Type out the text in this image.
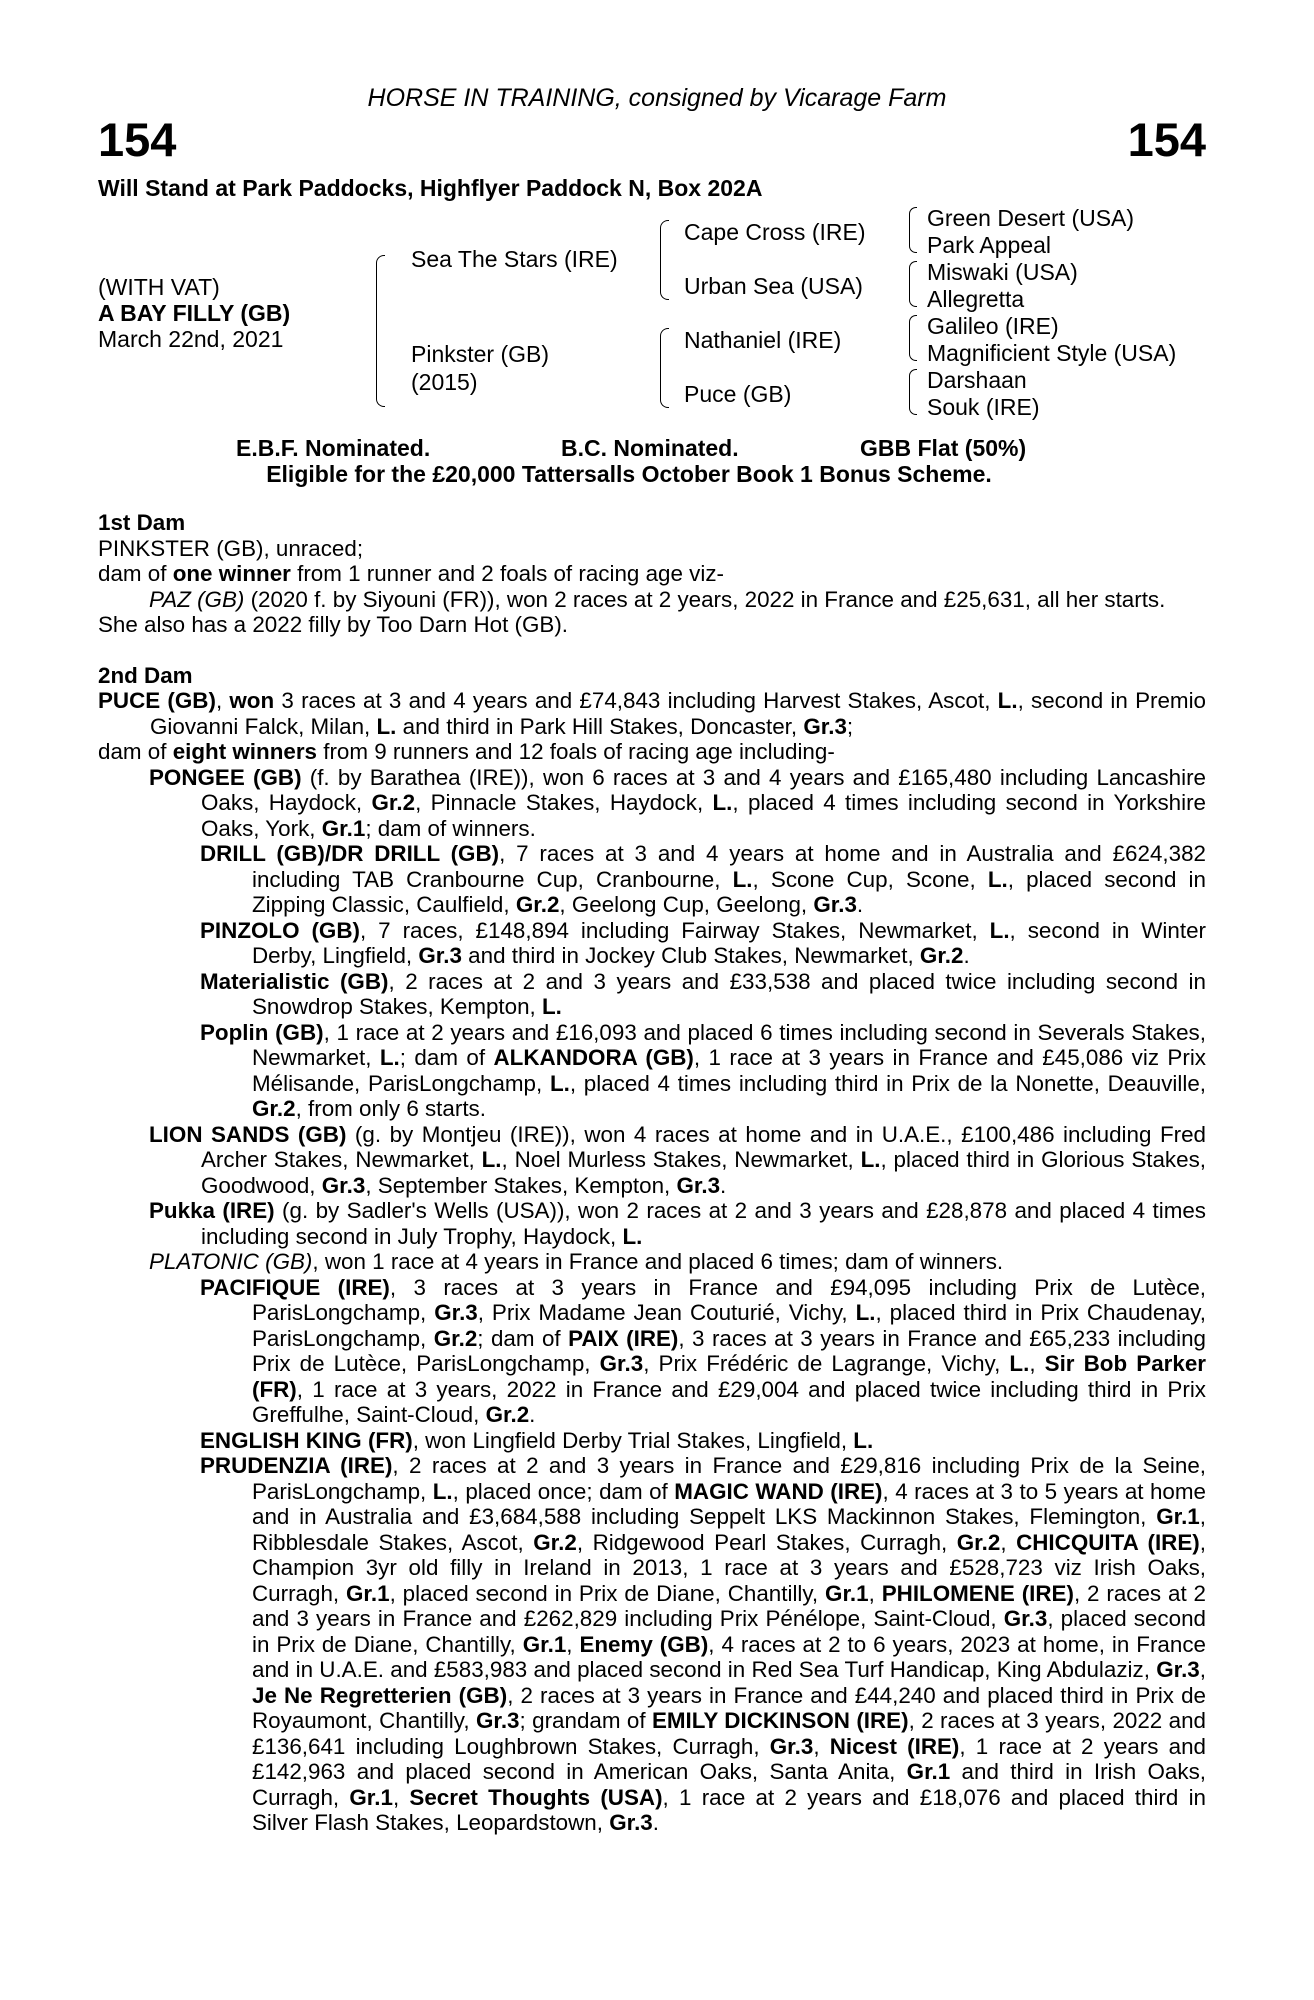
HORSE IN TRAINING, consigned by Vicarage Farm
154	154
Will Stand at Park Paddocks, Highflyer Paddock N, Box 202A
(WITH VAT)
A BAY FILLY (GB)
March 22nd, 2021
Sea The Stars (IRE)
Pinkster (GB)
(2015)
Cape Cross (IRE)
Urban Sea (USA)
Nathaniel (IRE)
Puce (GB)
Green Desert (USA)
Park Appeal
Miswaki (USA)
Allegretta
Galileo (IRE)
Magnificient Style (USA)
Darshaan
Souk (IRE)
E.B.F. Nominated.	B.C. Nominated.	GBB Flat (50%)
Eligible for the £20,000 Tattersalls October Book 1 Bonus Scheme.

1st Dam

PINKSTER (GB), unraced;

dam of one winner from 1 runner and 2 foals of racing age viz-

PAZ (GB) (2020 f. by Siyouni (FR)), won 2 races at 2 years, 2022 in France and £25,631, all her starts.

She also has a 2022 filly by Too Darn Hot (GB).

2nd Dam

PUCE (GB), won 3 races at 3 and 4 years and £74,843 including Harvest Stakes, Ascot, L., second in Premio Giovanni Falck, Milan, L. and third in Park Hill Stakes, Doncaster, Gr.3;

dam of eight winners from 9 runners and 12 foals of racing age including-

PONGEE (GB) (f. by Barathea (IRE)), won 6 races at 3 and 4 years and £165,480 including Lancashire Oaks, Haydock, Gr.2, Pinnacle Stakes, Haydock, L., placed 4 times including second in Yorkshire Oaks, York, Gr.1; dam of winners.

DRILL (GB)/DR DRILL (GB), 7 races at 3 and 4 years at home and in Australia and £624,382 including TAB Cranbourne Cup, Cranbourne, L., Scone Cup, Scone, L., placed second in Zipping Classic, Caulfield, Gr.2, Geelong Cup, Geelong, Gr.3.

PINZOLO (GB), 7 races, £148,894 including Fairway Stakes, Newmarket, L., second in Winter Derby, Lingfield, Gr.3 and third in Jockey Club Stakes, Newmarket, Gr.2.

Materialistic (GB), 2 races at 2 and 3 years and £33,538 and placed twice including second in Snowdrop Stakes, Kempton, L.

Poplin (GB), 1 race at 2 years and £16,093 and placed 6 times including second in Severals Stakes, Newmarket, L.; dam of ALKANDORA (GB), 1 race at 3 years in France and £45,086 viz Prix Mélisande, ParisLongchamp, L., placed 4 times including third in Prix de la Nonette, Deauville, Gr.2, from only 6 starts.

LION SANDS (GB) (g. by Montjeu (IRE)), won 4 races at home and in U.A.E., £100,486 including Fred Archer Stakes, Newmarket, L., Noel Murless Stakes, Newmarket, L., placed third in Glorious Stakes, Goodwood, Gr.3, September Stakes, Kempton, Gr.3.

Pukka (IRE) (g. by Sadler's Wells (USA)), won 2 races at 2 and 3 years and £28,878 and placed 4 times including second in July Trophy, Haydock, L.

PLATONIC (GB), won 1 race at 4 years in France and placed 6 times; dam of winners.

PACIFIQUE (IRE), 3 races at 3 years in France and £94,095 including Prix de Lutèce, ParisLongchamp, Gr.3, Prix Madame Jean Couturié, Vichy, L., placed third in Prix Chaudenay, ParisLongchamp, Gr.2; dam of PAIX (IRE), 3 races at 3 years in France and £65,233 including Prix de Lutèce, ParisLongchamp, Gr.3, Prix Frédéric de Lagrange, Vichy, L., Sir Bob Parker (FR), 1 race at 3 years, 2022 in France and £29,004 and placed twice including third in Prix Greffulhe, Saint-Cloud, Gr.2.

ENGLISH KING (FR), won Lingfield Derby Trial Stakes, Lingfield, L.

PRUDENZIA (IRE), 2 races at 2 and 3 years in France and £29,816 including Prix de la Seine, ParisLongchamp, L., placed once; dam of MAGIC WAND (IRE), 4 races at 3 to 5 years at home and in Australia and £3,684,588 including Seppelt LKS Mackinnon Stakes, Flemington, Gr.1, Ribblesdale Stakes, Ascot, Gr.2, Ridgewood Pearl Stakes, Curragh, Gr.2, CHICQUITA (IRE), Champion 3yr old filly in Ireland in 2013, 1 race at 3 years and £528,723 viz Irish Oaks, Curragh, Gr.1, placed second in Prix de Diane, Chantilly, Gr.1, PHILOMENE (IRE), 2 races at 2 and 3 years in France and £262,829 including Prix Pénélope, Saint-Cloud, Gr.3, placed second in Prix de Diane, Chantilly, Gr.1, Enemy (GB), 4 races at 2 to 6 years, 2023 at home, in France and in U.A.E. and £583,983 and placed second in Red Sea Turf Handicap, King Abdulaziz, Gr.3, Je Ne Regretterien (GB), 2 races at 3 years in France and £44,240 and placed third in Prix de Royaumont, Chantilly, Gr.3; grandam of EMILY DICKINSON (IRE), 2 races at 3 years, 2022 and £136,641 including Loughbrown Stakes, Curragh, Gr.3, Nicest (IRE), 1 race at 2 years and £142,963 and placed second in American Oaks, Santa Anita, Gr.1 and third in Irish Oaks, Curragh, Gr.1, Secret Thoughts (USA), 1 race at 2 years and £18,076 and placed third in Silver Flash Stakes, Leopardstown, Gr.3.
